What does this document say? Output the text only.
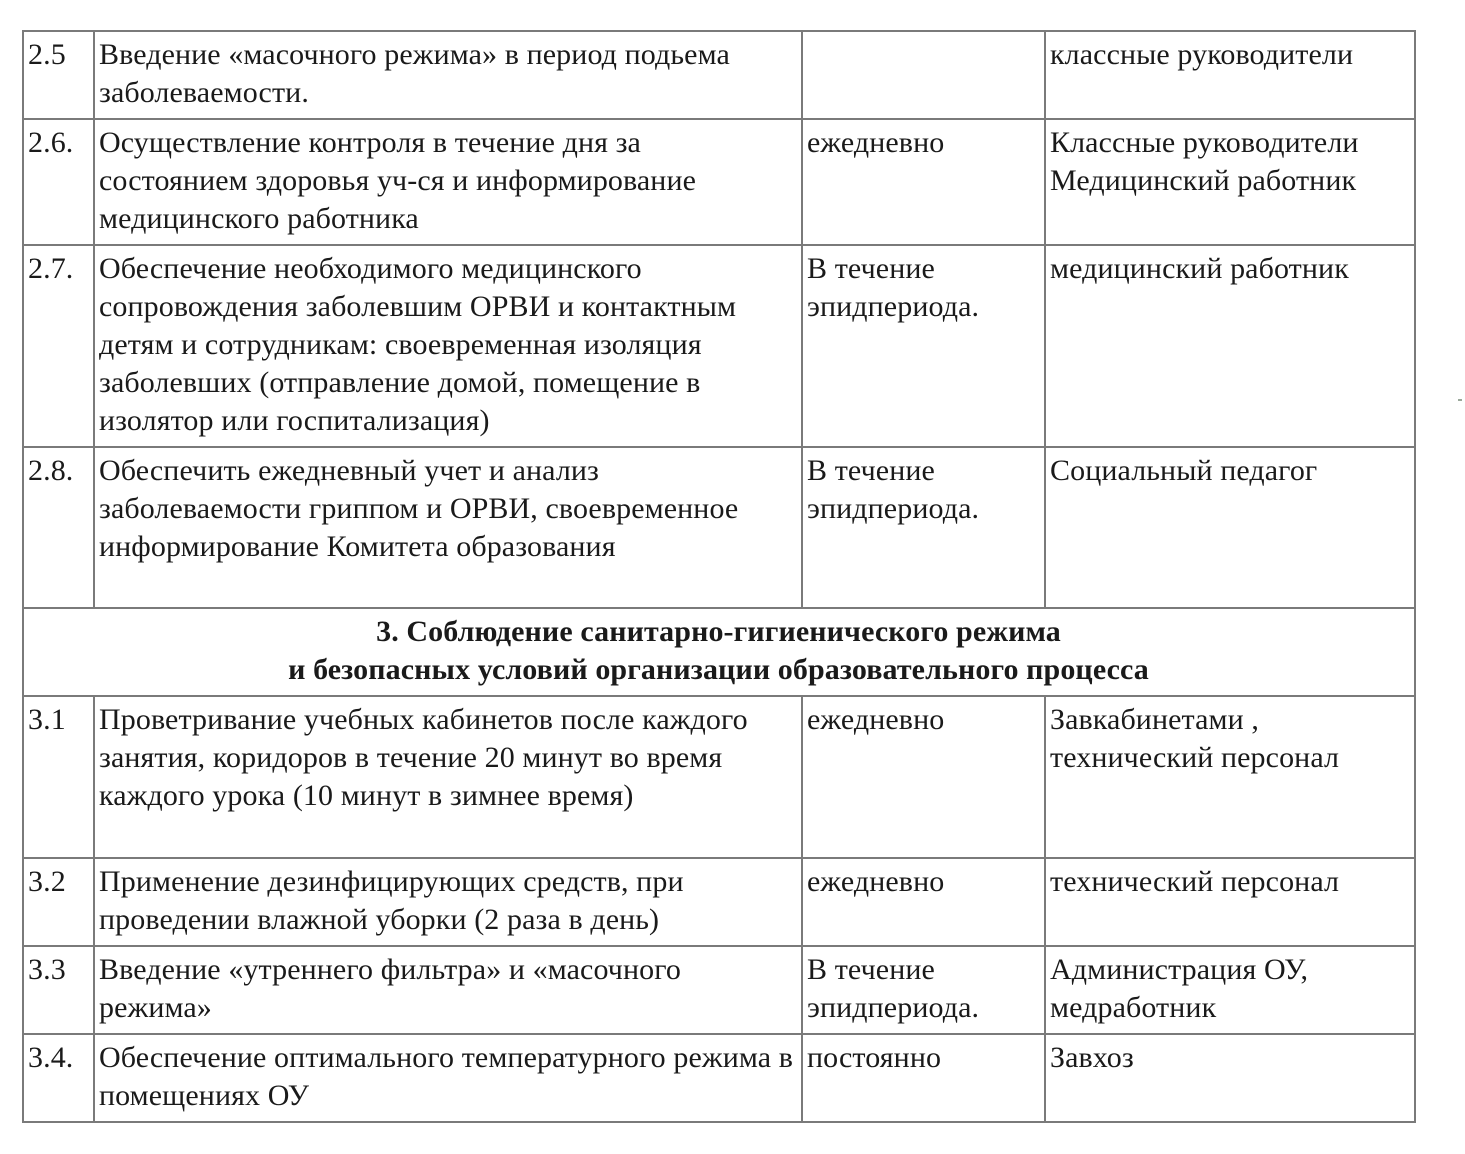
2.5	Введение «масочного режима» в период подьема заболеваемости.		классные руководители
2.6.	Осуществление контроля в течение дня за состоянием здоровья уч-ся и информирование медицинского работника	ежедневно	Классные руководители Медицинский работник
2.7.	Обеспечение необходимого медицинского сопровождения заболевшим ОРВИ и контактным детям и сотрудникам: своевременная изоляция заболевших (отправление домой, помещение в изолятор или госпитализация)	В течение эпидпериода.	медицинский работник
2.8.	Обеспечить ежедневный учет и анализ заболеваемости гриппом и ОРВИ, своевременное информирование Комитета образования	В течение эпидпериода.	Социальный педагог

3. Соблюдение санитарно-гигиенического режима
и безопасных условий организации образовательного процесса			

3.1	Проветривание учебных кабинетов после каждого занятия, коридоров в течение 20 минут во время каждого урока (10 минут в зимнее время)	ежедневно	Завкабинетами , технический персонал
3.2	Применение дезинфицирующих средств, при проведении влажной уборки (2 раза в день)	ежедневно	технический персонал
3.3	Введение «утреннего фильтра» и «масочного режима»	В течение эпидпериода.	Администрация ОУ, медработник
3.4.	Обеспечение оптимального температурного режима в помещениях ОУ	постоянно	Завхоз
